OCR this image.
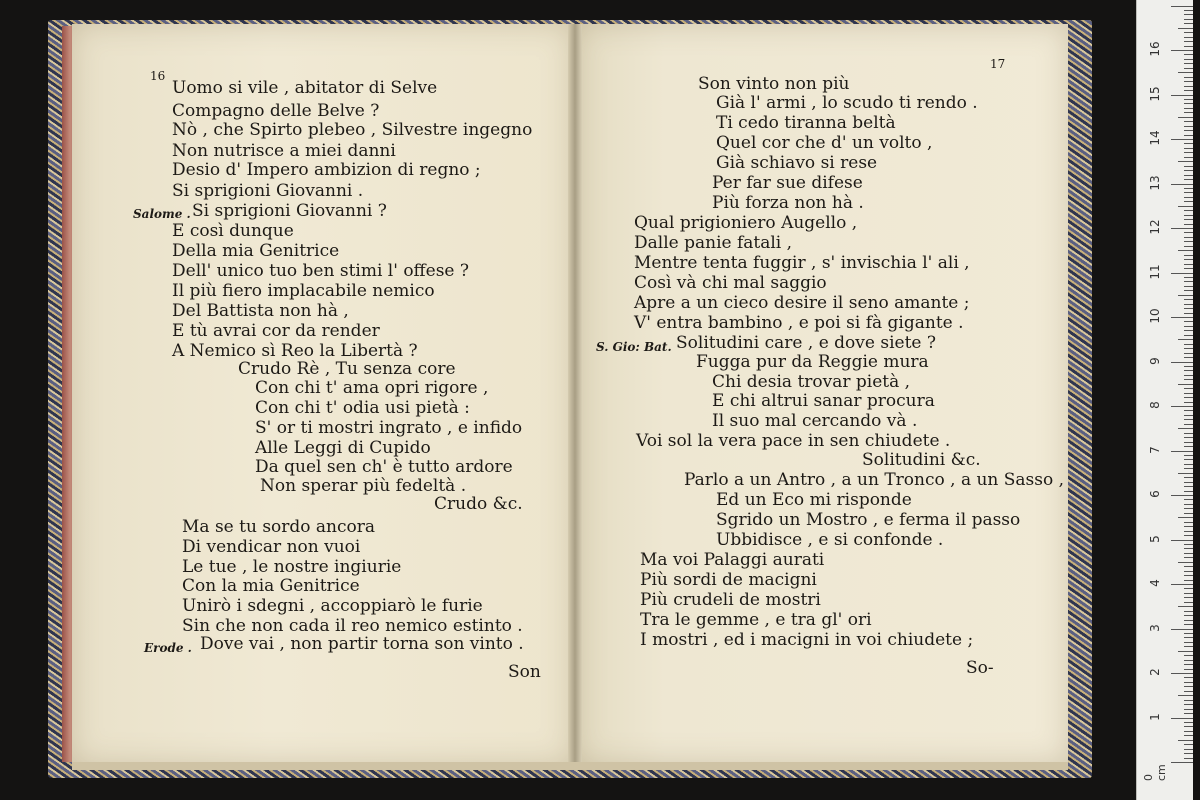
16
17
Uomo si vile , abitator di Selve
Compagno delle Belve ?
Nò , che Spirto plebeo , Silvestre ingegno
Non nutrisce a miei danni
Desio d' Impero ambizion di regno ;
Si sprigioni Giovanni .
Salome . Si sprigioni Giovanni ?
E così dunque
Della mia Genitrice
Dell' unico tuo ben stimi l' offese ?
Il più fiero implacabile nemico
Del Battista non hà ,
E tù avrai cor da render
A Nemico sì Reo la Libertà ?
Crudo Rè , Tu senza core
Con chi t' ama opri rigore ,
Con chi t' odia usi pietà :
S' or ti mostri ingrato , e infido
Alle Leggi di Cupido
Da quel sen ch' è tutto ardore
Non sperar più fedeltà .
Crudo &c.
Ma se tu sordo ancora
Di vendicar non vuoi
Le tue , le nostre ingiurie
Con la mia Genitrice
Unirò i sdegni , accoppiarò le furie
Sin che non cada il reo nemico estinto .
Erode . Dove vai , non partir torna son vinto .
Son
Son vinto non più
Già l' armi , lo scudo ti rendo .
Ti cedo tiranna beltà
Quel cor che d' un volto ,
Già schiavo si rese
Per far sue difese
Più forza non hà .
Qual prigioniero Augello ,
Dalle panie fatali ,
Mentre tenta fuggir , s' invischia l' ali ,
Così và chi mal saggio
Apre a un cieco desire il seno amante ;
V' entra bambino , e poi si fà gigante .
S. Gio: Bat. Solitudini care , e dove siete ?
Fugga pur da Reggie mura
Chi desia trovar pietà ,
E chi altrui sanar procura
Il suo mal cercando và .
Voi sol la vera pace in sen chiudete .
Solitudini &c.
Parlo a un Antro , a un Tronco , a un Sasso ,
Ed un Eco mi risponde
Sgrido un Mostro , e ferma il passo
Ubbidisce , e si confonde .
Ma voi Palaggi aurati
Più sordi de macigni
Più crudeli de mostri
Tra le gemme , e tra gl' ori
I mostri , ed i macigni in voi chiudete ;
So-
0 cm
1
2
3
4
5
6
7
8
9
10
11
12
13
14
15
16
